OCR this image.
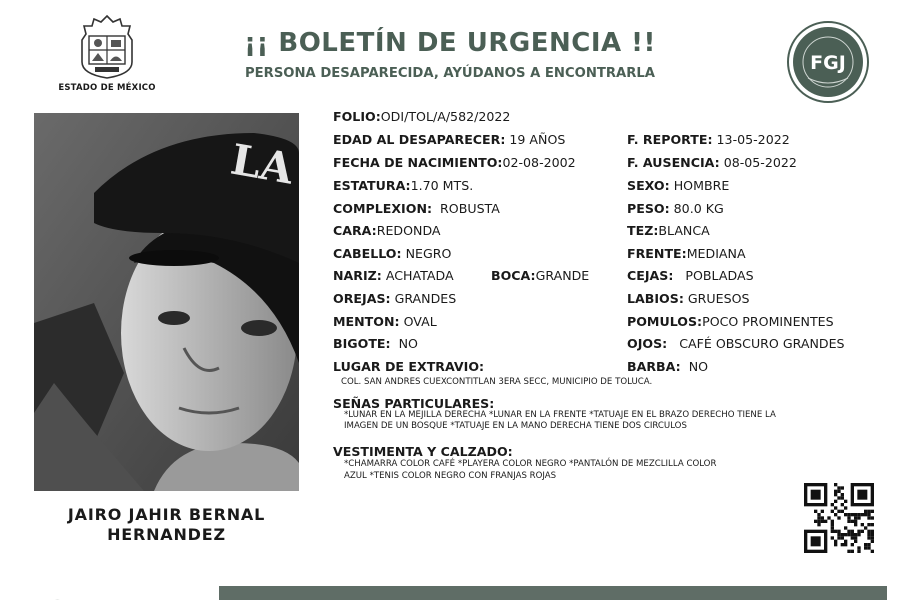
ESTADO DE MÉXICO
¡¡ BOLETÍN DE URGENCIA !!
PERSONA DESAPARECIDA, AYÚDANOS A ENCONTRARLA	FGJ
LA
JAIRO JAHIR BERNAL
HERNANDEZ
FOLIO:ODI/TOL/A/582/2022
EDAD AL DESAPARECER: 19 AÑOS	F. REPORTE: 13-05-2022
FECHA DE NACIMIENTO:02-08-2002	F. AUSENCIA: 08-05-2022
ESTATURA:1.70 MTS.	SEXO: HOMBRE
COMPLEXION: ROBUSTA	PESO: 80.0 KG
CARA:REDONDA	TEZ:BLANCA
CABELLO: NEGRO	FRENTE:MEDIANA
NARIZ: ACHATADA	BOCA:GRANDE	CEJAS: POBLADAS
OREJAS: GRANDES	LABIOS: GRUESOS
MENTON: OVAL	POMULOS:POCO PROMINENTES
BIGOTE: NO	OJOS: CAFÉ OBSCURO GRANDES
LUGAR DE EXTRAVIO:	BARBA: NO
COL. SAN ANDRES CUEXCONTITLAN 3ERA SECC, MUNICIPIO DE TOLUCA.
SEÑAS PARTICULARES:
*LUNAR EN LA MEJILLA DERECHA *LUNAR EN LA FRENTE *TATUAJE EN EL BRAZO DERECHO TIENE LA
IMAGEN DE UN BOSQUE *TATUAJE EN LA MANO DERECHA TIENE DOS CIRCULOS
VESTIMENTA Y CALZADO:
*CHAMARRA COLOR CAFÉ *PLAYERA COLOR NEGRO *PANTALÓN DE MEZCLILLA COLOR
AZUL *TENIS COLOR NEGRO CON FRANJAS ROJAS
